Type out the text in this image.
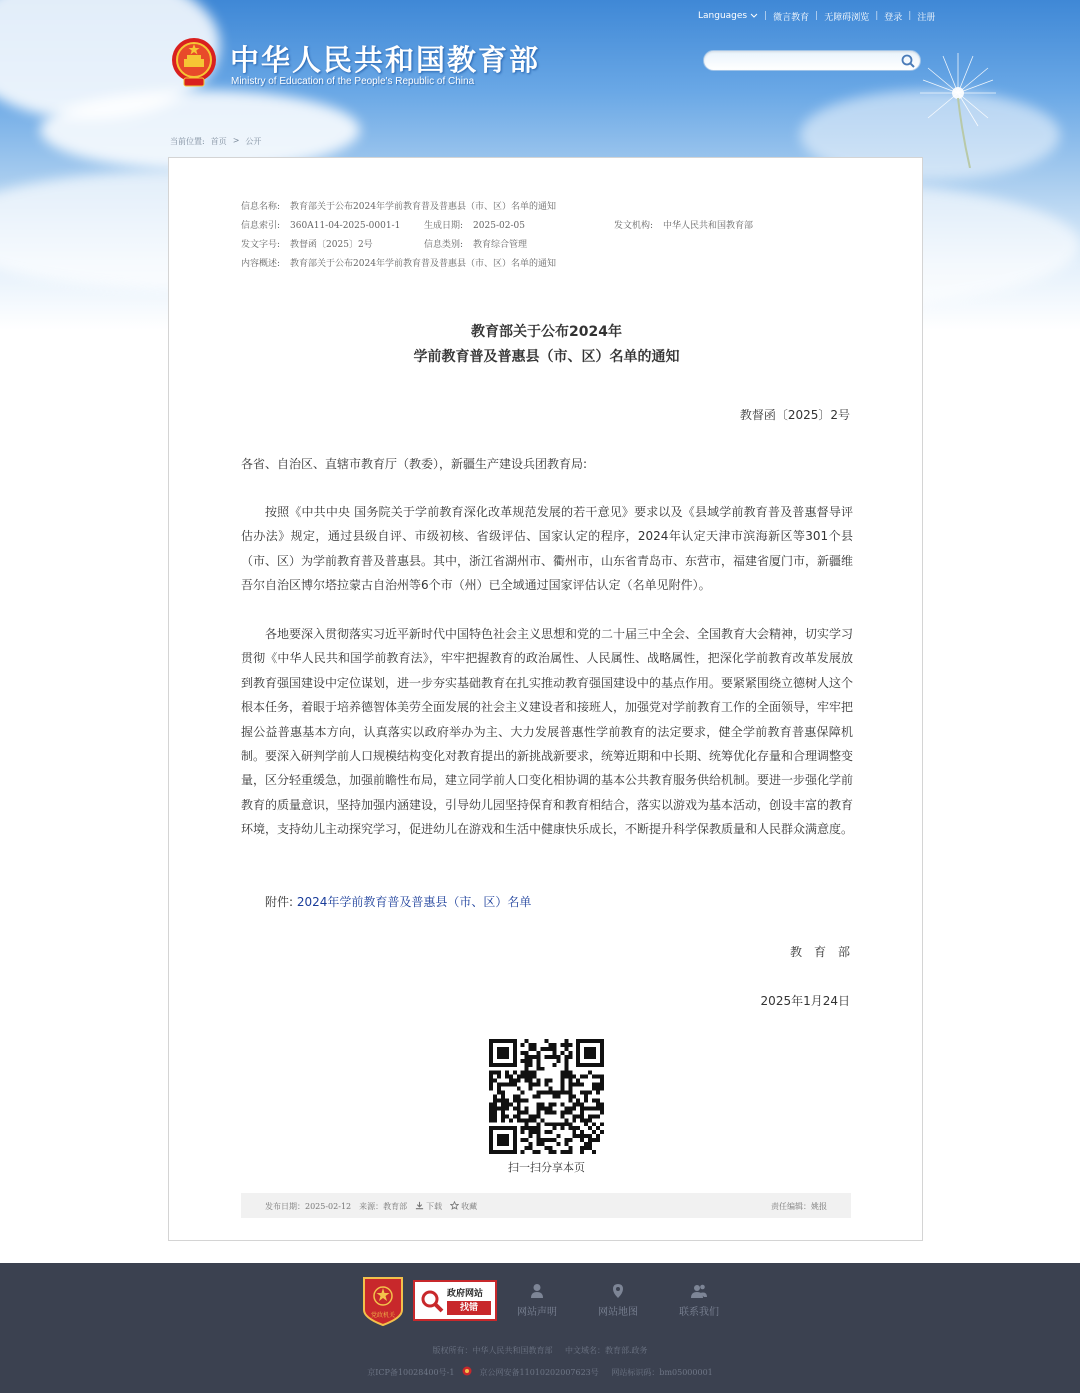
Languages | 微言教育 | 无障碍浏览 | 登录 | 注册
中华人民共和国教育部
Ministry of Education of the People's Republic of China
当前位置: 首页 > 公开
信息名称: 教育部关于公布2024年学前教育普及普惠县（市、区）名单的通知
信息索引: 360A11-04-2025-0001-1	生成日期: 2025-02-05	发文机构: 中华人民共和国教育部
发文字号: 教督函〔2025〕2号	信息类别: 教育综合管理
内容概述: 教育部关于公布2024年学前教育普及普惠县（市、区）名单的通知
教育部关于公布2024年
学前教育普及普惠县（市、区）名单的通知
教督函〔2025〕2号
各省、自治区、直辖市教育厅（教委），新疆生产建设兵团教育局:
按照《中共中央 国务院关于学前教育深化改革规范发展的若干意见》要求以及《县域学前教育普及普惠督导评估办法》规定，通过县级自评、市级初核、省级评估、国家认定的程序，2024年认定天津市滨海新区等301个县（市、区）为学前教育普及普惠县。其中，浙江省湖州市、衢州市，山东省青岛市、东营市，福建省厦门市，新疆维吾尔自治区博尔塔拉蒙古自治州等6个市（州）已全域通过国家评估认定（名单见附件）。
各地要深入贯彻落实习近平新时代中国特色社会主义思想和党的二十届三中全会、全国教育大会精神，切实学习贯彻《中华人民共和国学前教育法》，牢牢把握教育的政治属性、人民属性、战略属性，把深化学前教育改革发展放到教育强国建设中定位谋划，进一步夯实基础教育在扎实推动教育强国建设中的基点作用。要紧紧围绕立德树人这个根本任务，着眼于培养德智体美劳全面发展的社会主义建设者和接班人，加强党对学前教育工作的全面领导，牢牢把握公益普惠基本方向，认真落实以政府举办为主、大力发展普惠性学前教育的法定要求，健全学前教育普惠保障机制。要深入研判学前人口规模结构变化对教育提出的新挑战新要求，统筹近期和中长期、统筹优化存量和合理调整变量，区分轻重缓急，加强前瞻性布局，建立同学前人口变化相协调的基本公共教育服务供给机制。要进一步强化学前教育的质量意识，坚持加强内涵建设，引导幼儿园坚持保育和教育相结合，落实以游戏为基本活动，创设丰富的教育环境，支持幼儿主动探究学习，促进幼儿在游戏和生活中健康快乐成长，不断提升科学保教质量和人民群众满意度。
附件: 2024年学前教育普及普惠县（市、区）名单
教　育　部
2025年1月24日
扫一扫分享本页
发布日期：2025-02-12 来源：教育部	下载	收藏	责任编辑：姚报
党政机关
政府网站
找错	网站声明	网站地图	联系我们
版权所有：中华人民共和国教育部 中文域名：教育部.政务
京ICP备10028400号-1	京公网安备11010202007623号 网站标识码：bm05000001
